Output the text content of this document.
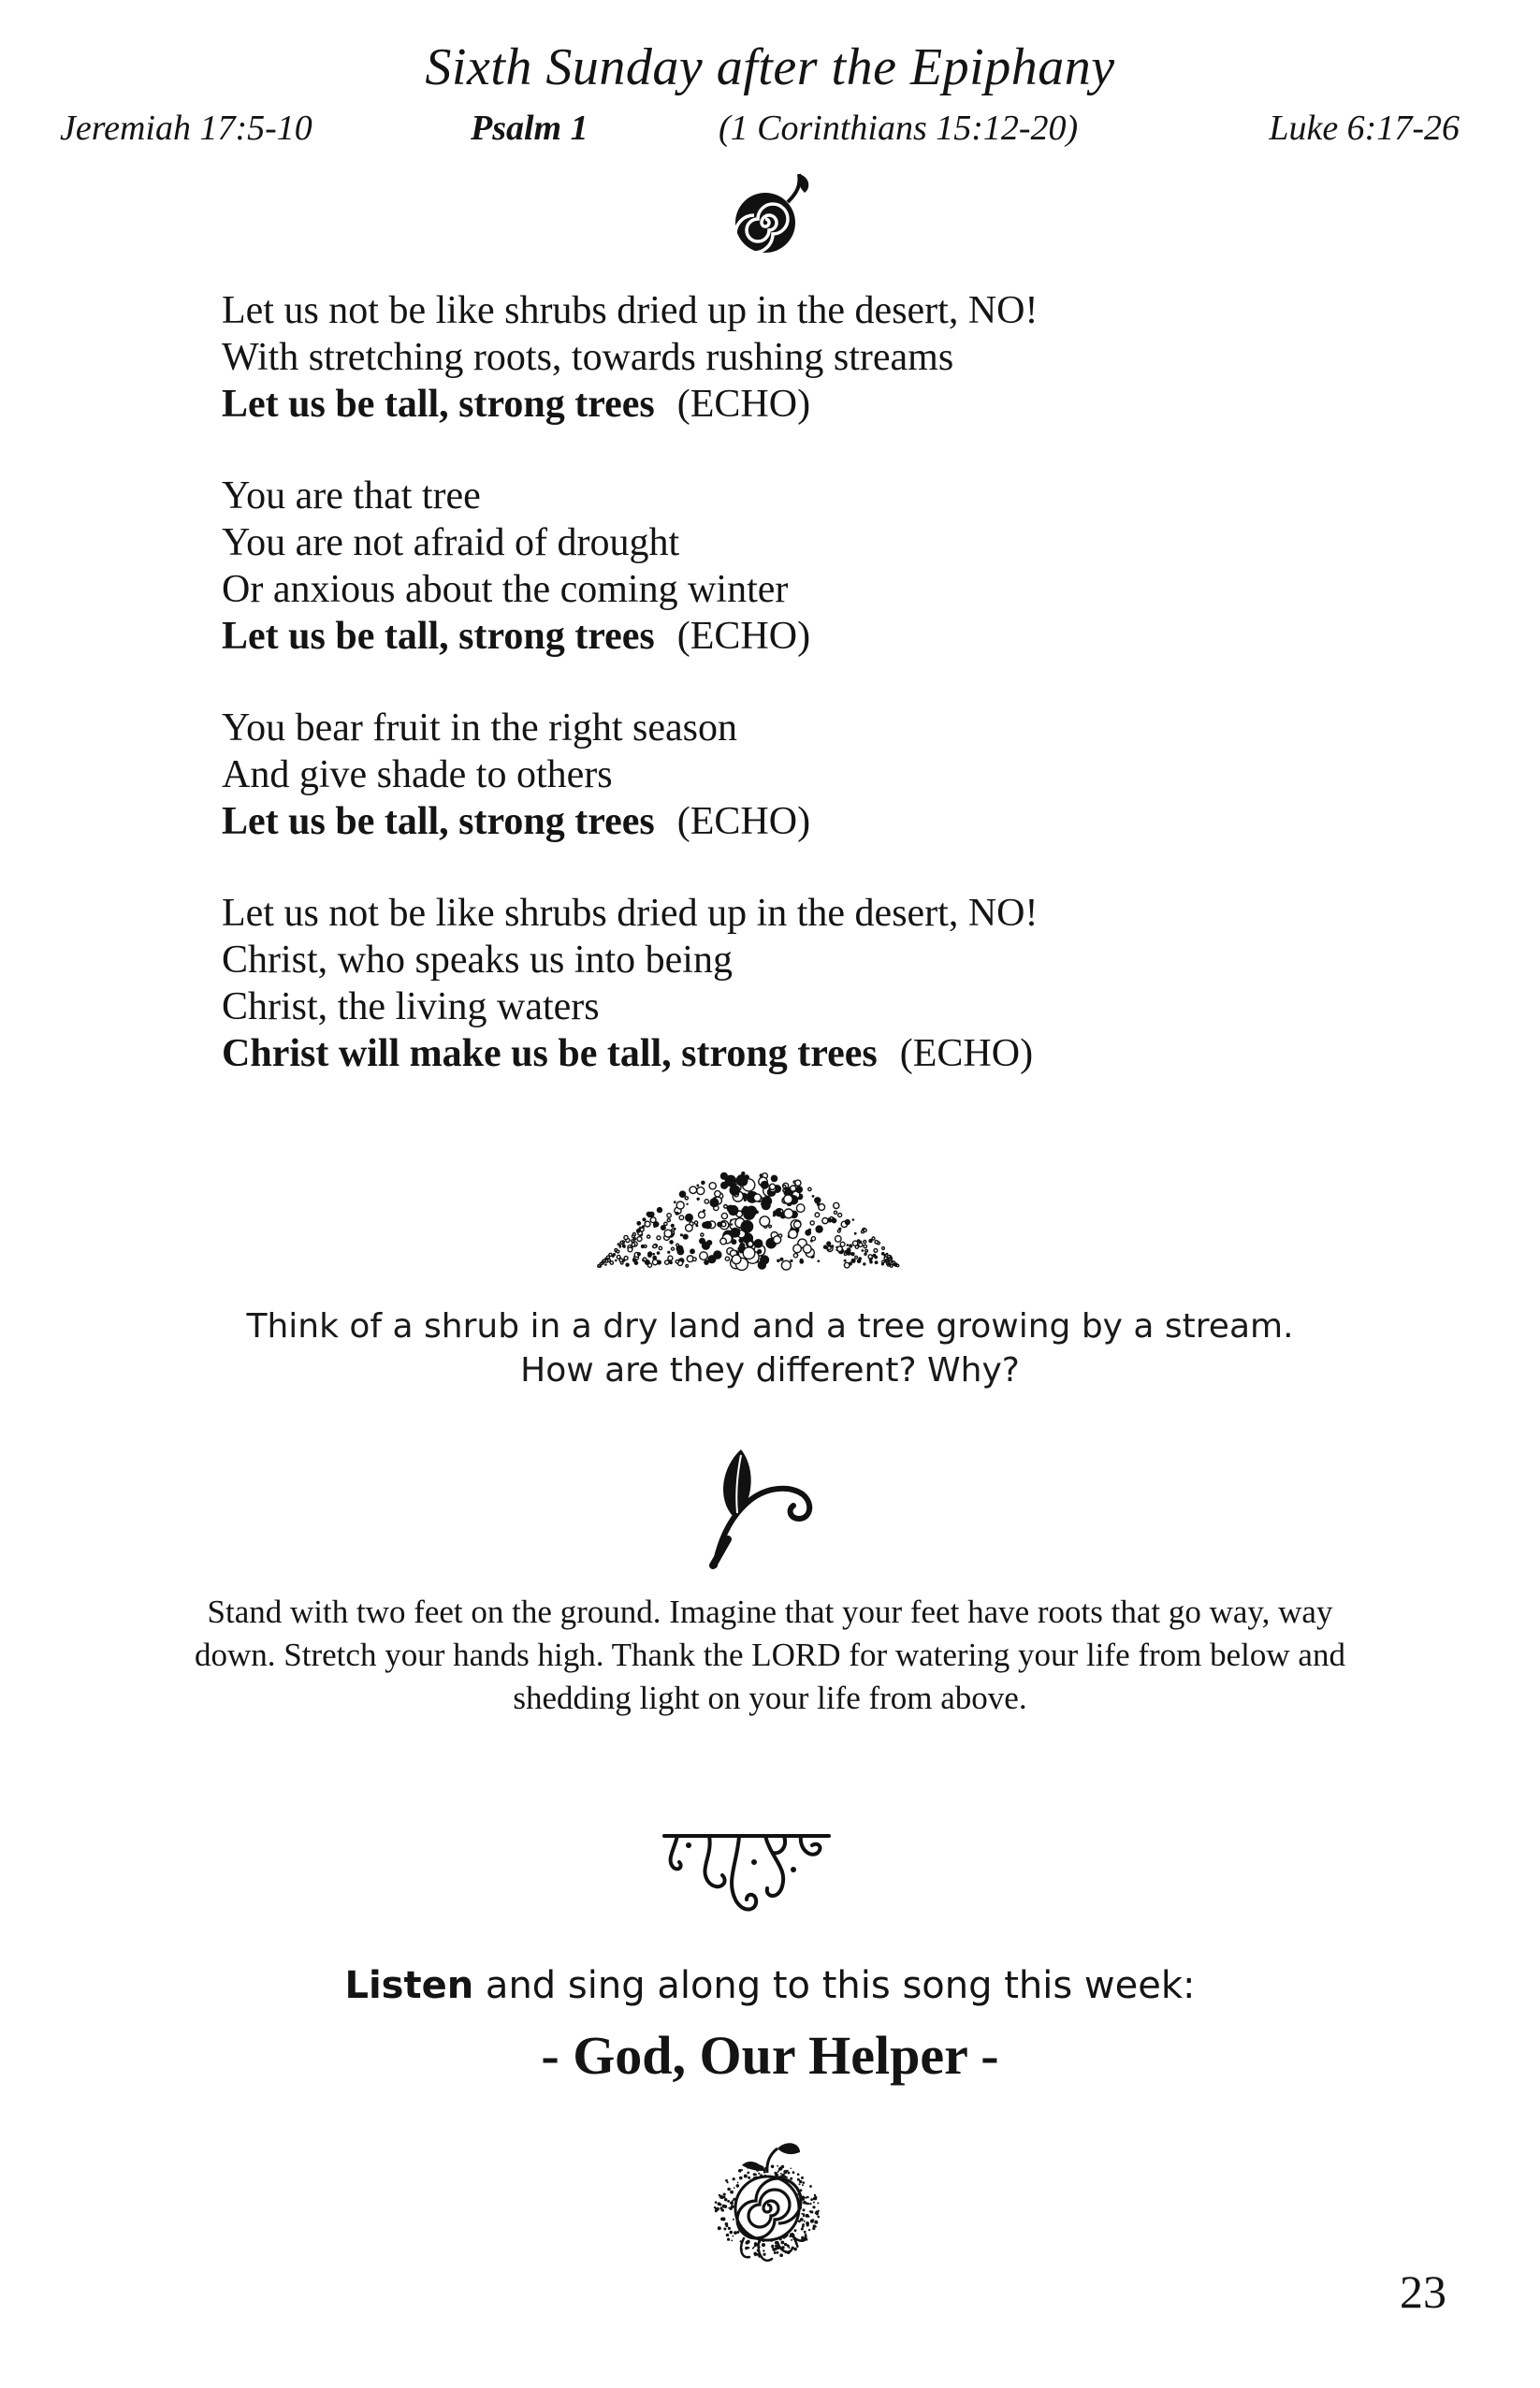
Sixth Sunday after the Epiphany
Jeremiah 17:5-10	Psalm 1	(1 Corinthians 15:12-20)	Luke 6:17-26
Let us not be like shrubs dried up in the desert, NO!
With stretching roots, towards rushing streams
Let us be tall, strong trees (ECHO)
You are that tree
You are not afraid of drought
Or anxious about the coming winter
Let us be tall, strong trees (ECHO)
You bear fruit in the right season
And give shade to others
Let us be tall, strong trees (ECHO)
Let us not be like shrubs dried up in the desert, NO!
Christ, who speaks us into being
Christ, the living waters
Christ will make us be tall, strong trees (ECHO)
Think of a shrub in a dry land and a tree growing by a stream.
How are they different? Why?
Stand with two feet on the ground. Imagine that your feet have roots that go way, way
down. Stretch your hands high. Thank the LORD for watering your life from below and
shedding light on your life from above.
Listen and sing along to this song this week:
- God, Our Helper -
23
